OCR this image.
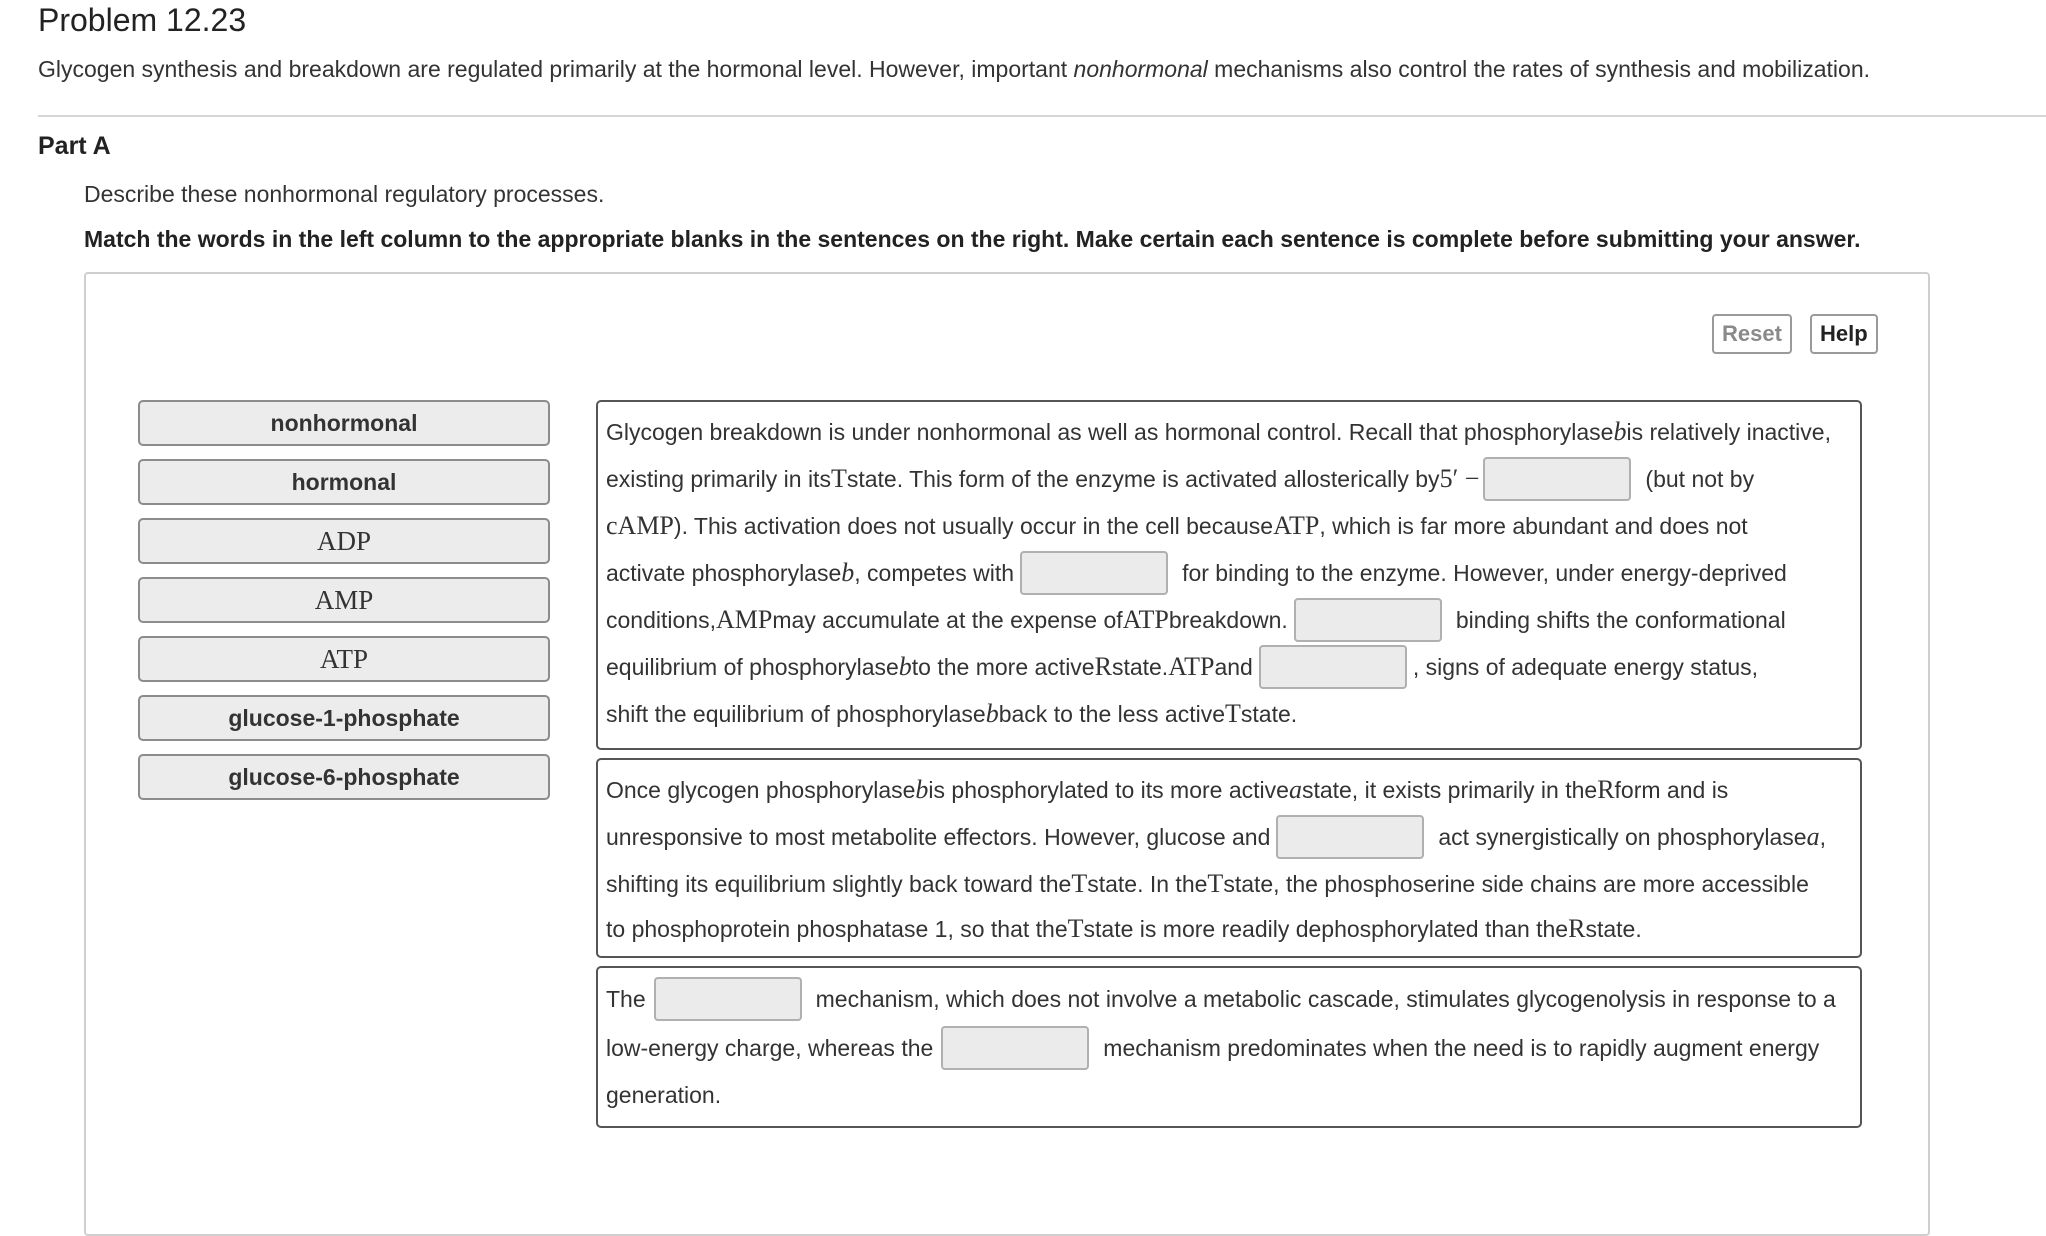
Problem 12.23
Glycogen synthesis and breakdown are regulated primarily at the hormonal level. However, important nonhormonal mechanisms also control the rates of synthesis and mobilization.
Part A
Describe these nonhormonal regulatory processes.
Match the words in the left column to the appropriate blanks in the sentences on the right. Make certain each sentence is complete before submitting your answer.
Reset	Help
nonhormonal
hormonal
ADP
AMP
ATP
glucose-1-phosphate
glucose-6-phosphate
Glycogen breakdown is under nonhormonal as well as hormonal control. Recall that phosphorylase b is relatively inactive,
existing primarily in its T state. This form of the enzyme is activated allosterically by 5′ −	(but not by
cAMP ). This activation does not usually occur in the cell because ATP , which is far more abundant and does not
activate phosphorylase b , competes with	for binding to the enzyme. However, under energy-deprived
conditions, AMP may accumulate at the expense of ATP breakdown.	binding shifts the conformational
equilibrium of phosphorylase b to the more active R state. ATP and	, signs of adequate energy status,
shift the equilibrium of phosphorylase b back to the less active T state.
Once glycogen phosphorylase b is phosphorylated to its more active a state, it exists primarily in the R form and is
unresponsive to most metabolite effectors. However, glucose and	act synergistically on phosphorylase a ,
shifting its equilibrium slightly back toward the T state. In the T state, the phosphoserine side chains are more accessible
to phosphoprotein phosphatase 1, so that the T state is more readily dephosphorylated than the R state.
The	mechanism, which does not involve a metabolic cascade, stimulates glycogenolysis in response to a
low-energy charge, whereas the	mechanism predominates when the need is to rapidly augment energy
generation.
